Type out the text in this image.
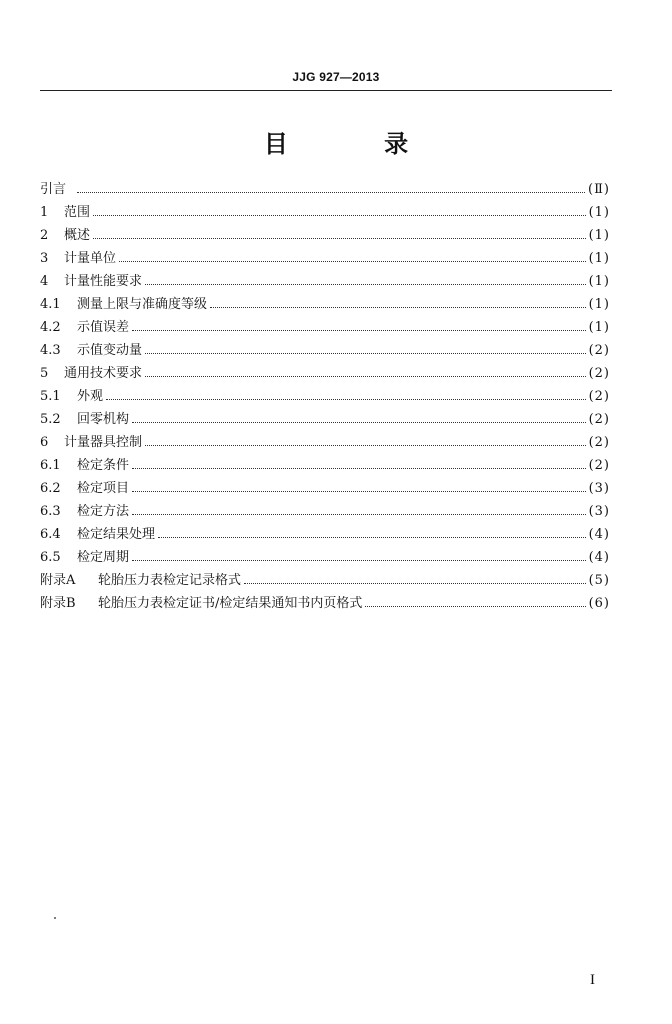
JJG 927—2013
目 录
引言	(Ⅱ)
1	范围	(1)
2	概述	(1)
3	计量单位	(1)
4	计量性能要求	(1)
4.1	测量上限与准确度等级	(1)
4.2	示值误差	(1)
4.3	示值变动量	(2)
5	通用技术要求	(2)
5.1	外观	(2)
5.2	回零机构	(2)
6	计量器具控制	(2)
6.1	检定条件	(2)
6.2	检定项目	(3)
6.3	检定方法	(3)
6.4	检定结果处理	(4)
6.5	检定周期	(4)
附录A	轮胎压力表检定记录格式	(5)
附录B	轮胎压力表检定证书/检定结果通知书内页格式	(6)
I
